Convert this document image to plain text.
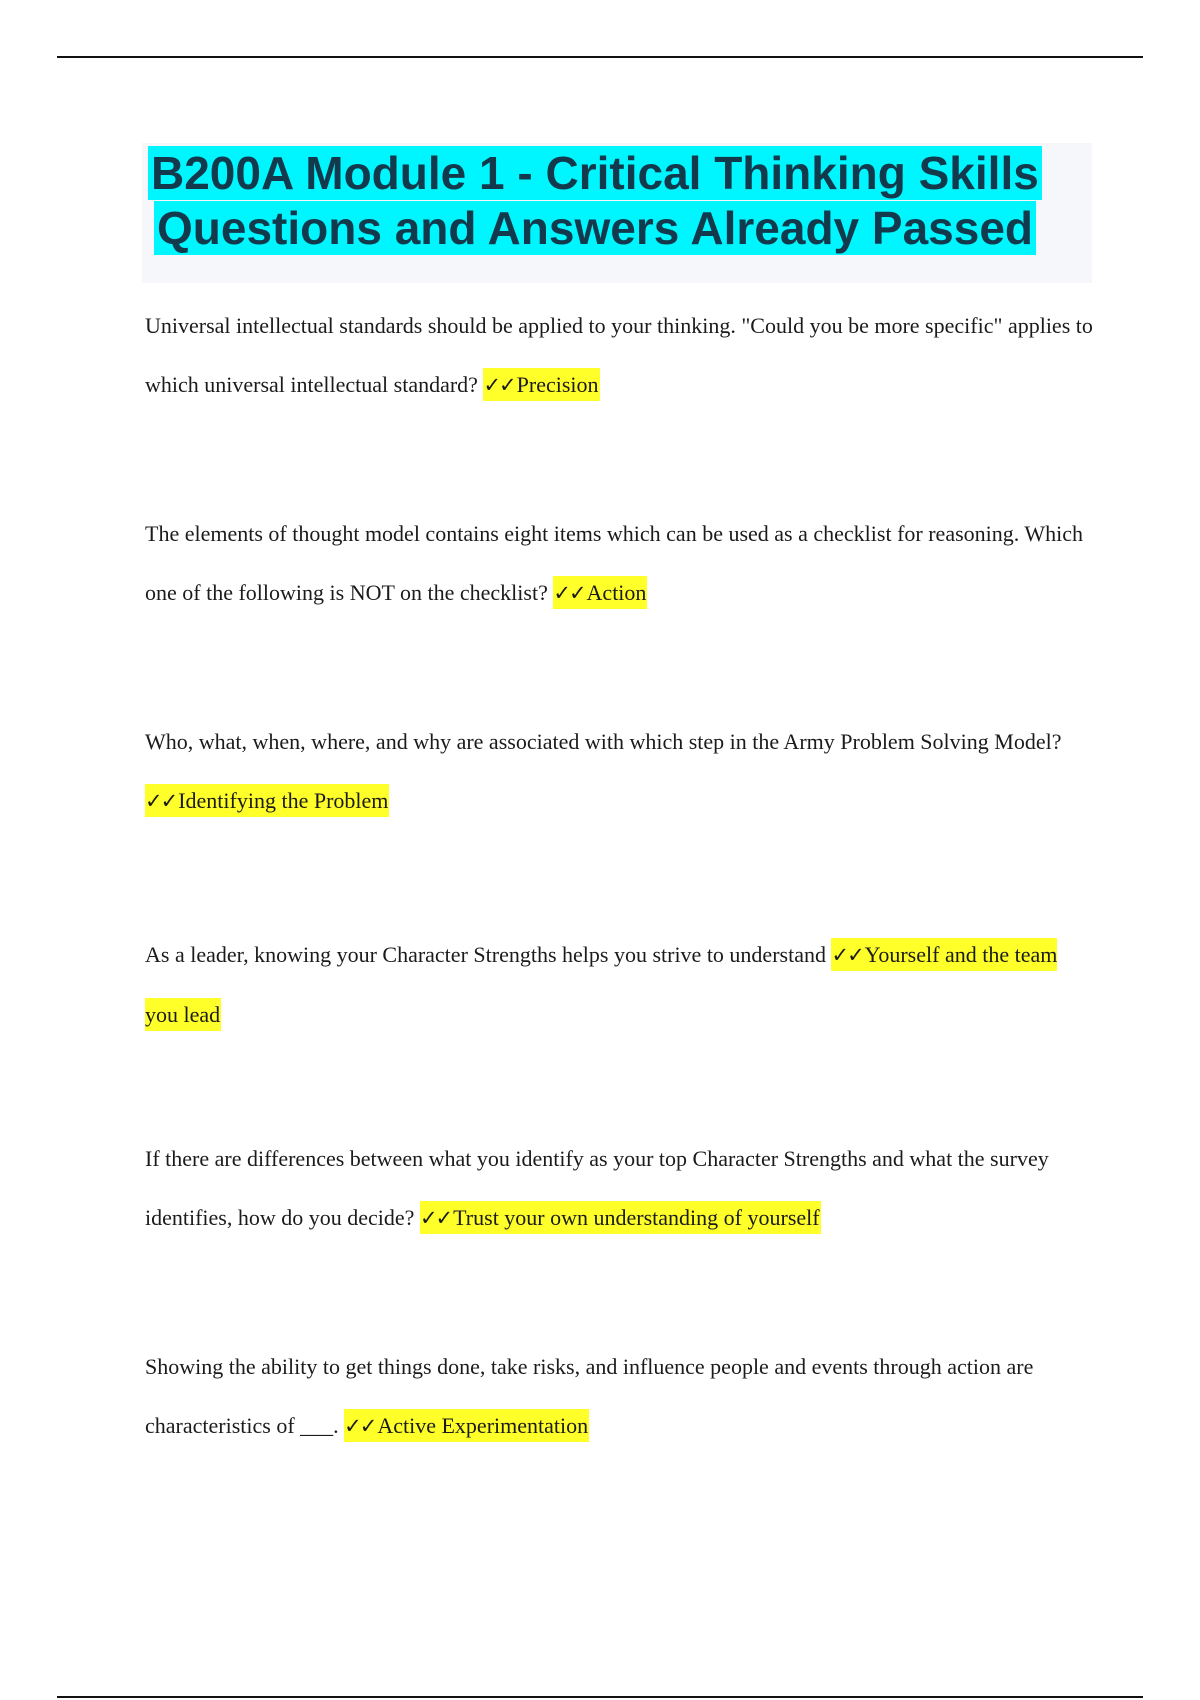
B200A Module 1 - Critical Thinking Skills
Questions and Answers Already Passed
Universal intellectual standards should be applied to your thinking. "Could you be more specific" applies to which universal intellectual standard? ✓✓Precision
The elements of thought model contains eight items which can be used as a checklist for reasoning. Which one of the following is NOT on the checklist? ✓✓Action
Who, what, when, where, and why are associated with which step in the Army Problem Solving Model? ✓✓Identifying the Problem
As a leader, knowing your Character Strengths helps you strive to understand ✓✓Yourself and the team you lead
If there are differences between what you identify as your top Character Strengths and what the survey identifies, how do you decide? ✓✓Trust your own understanding of yourself
Showing the ability to get things done, take risks, and influence people and events through action are characteristics of ___. ✓✓Active Experimentation
